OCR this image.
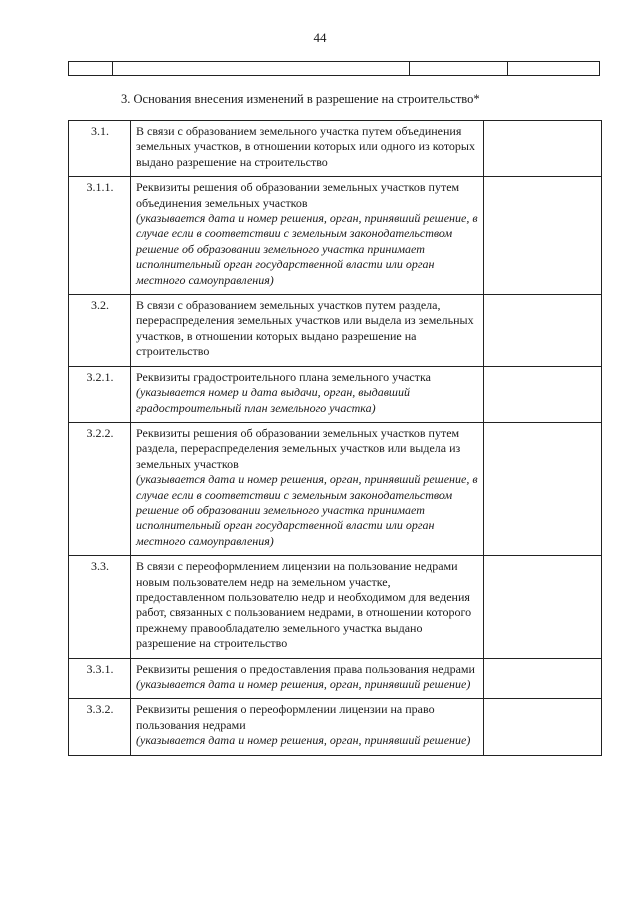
44
3. Основания внесения изменений в разрешение на строительство*
3.1.	В связи с образованием земельного участка путем объединения земельных участков, в отношении которых или одного из которых выдано разрешение на строительство	

3.1.1.	Реквизиты решения об образовании земельных участков путем объединения земельных участков
(указывается дата и номер решения, орган, принявший решение, в случае если в соответствии с земельным законодательством решение об образовании земельного участка принимает исполнительный орган государственной власти или орган местного самоуправления)	

3.2.	В связи с образованием земельных участков путем раздела, перераспределения земельных участков или выдела из земельных участков, в отношении которых выдано разрешение на строительство	

3.2.1.	Реквизиты градостроительного плана земельного участка
(указывается номер и дата выдачи, орган, выдавший градостроительный план земельного участка)	

3.2.2.	Реквизиты решения об образовании земельных участков путем раздела, перераспределения земельных участков или выдела из земельных участков
(указывается дата и номер решения, орган, принявший решение, в случае если в соответствии с земельным законодательством решение об образовании земельного участка принимает исполнительный орган государственной власти или орган местного самоуправления)	

3.3.	В связи с переоформлением лицензии на пользование недрами новым пользователем недр на земельном участке, предоставленном пользователю недр и необходимом для ведения работ, связанных с пользованием недрами, в отношении которого прежнему правообладателю земельного участка выдано разрешение на строительство	

3.3.1.	Реквизиты решения о предоставления права пользования недрами
(указывается дата и номер решения, орган, принявший решение)	

3.3.2.	Реквизиты решения о переоформлении лицензии на право пользования недрами
(указывается дата и номер решения, орган, принявший решение)	
